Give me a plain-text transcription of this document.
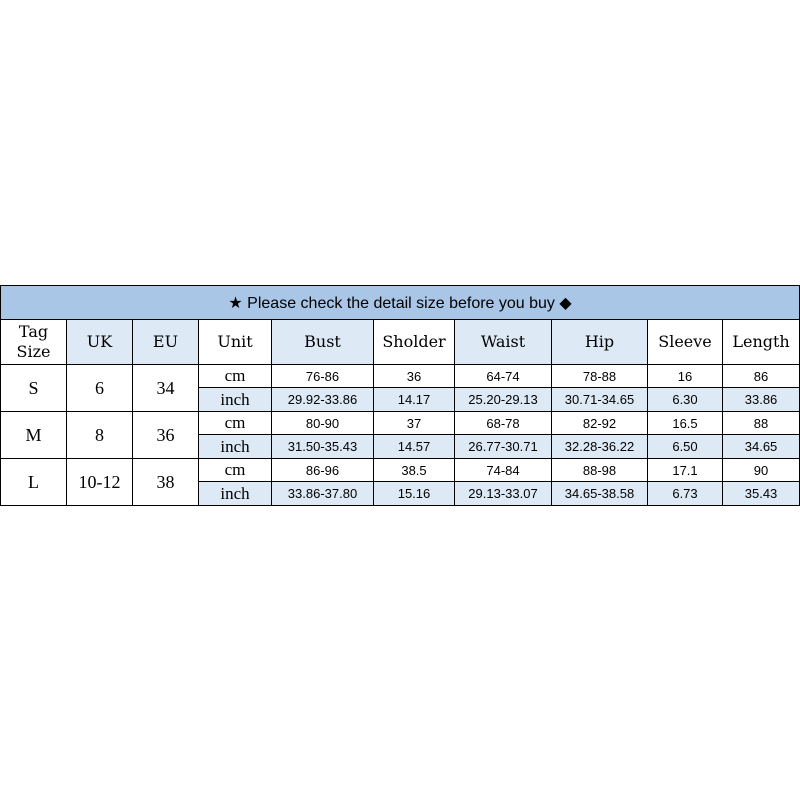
★ Please check the detail size before you buy ◆									

Tag
Size	UK	EU	Unit	Bust	Sholder	Waist	Hip	Sleeve	Length
S	6	34	cm	76-86	36	64-74	78-88	16	86
			inch	29.92-33.86	14.17	25.20-29.13	30.71-34.65	6.30	33.86
M	8	36	cm	80-90	37	68-78	82-92	16.5	88
			inch	31.50-35.43	14.57	26.77-30.71	32.28-36.22	6.50	34.65
L	10-12	38	cm	86-96	38.5	74-84	88-98	17.1	90
			inch	33.86-37.80	15.16	29.13-33.07	34.65-38.58	6.73	35.43
